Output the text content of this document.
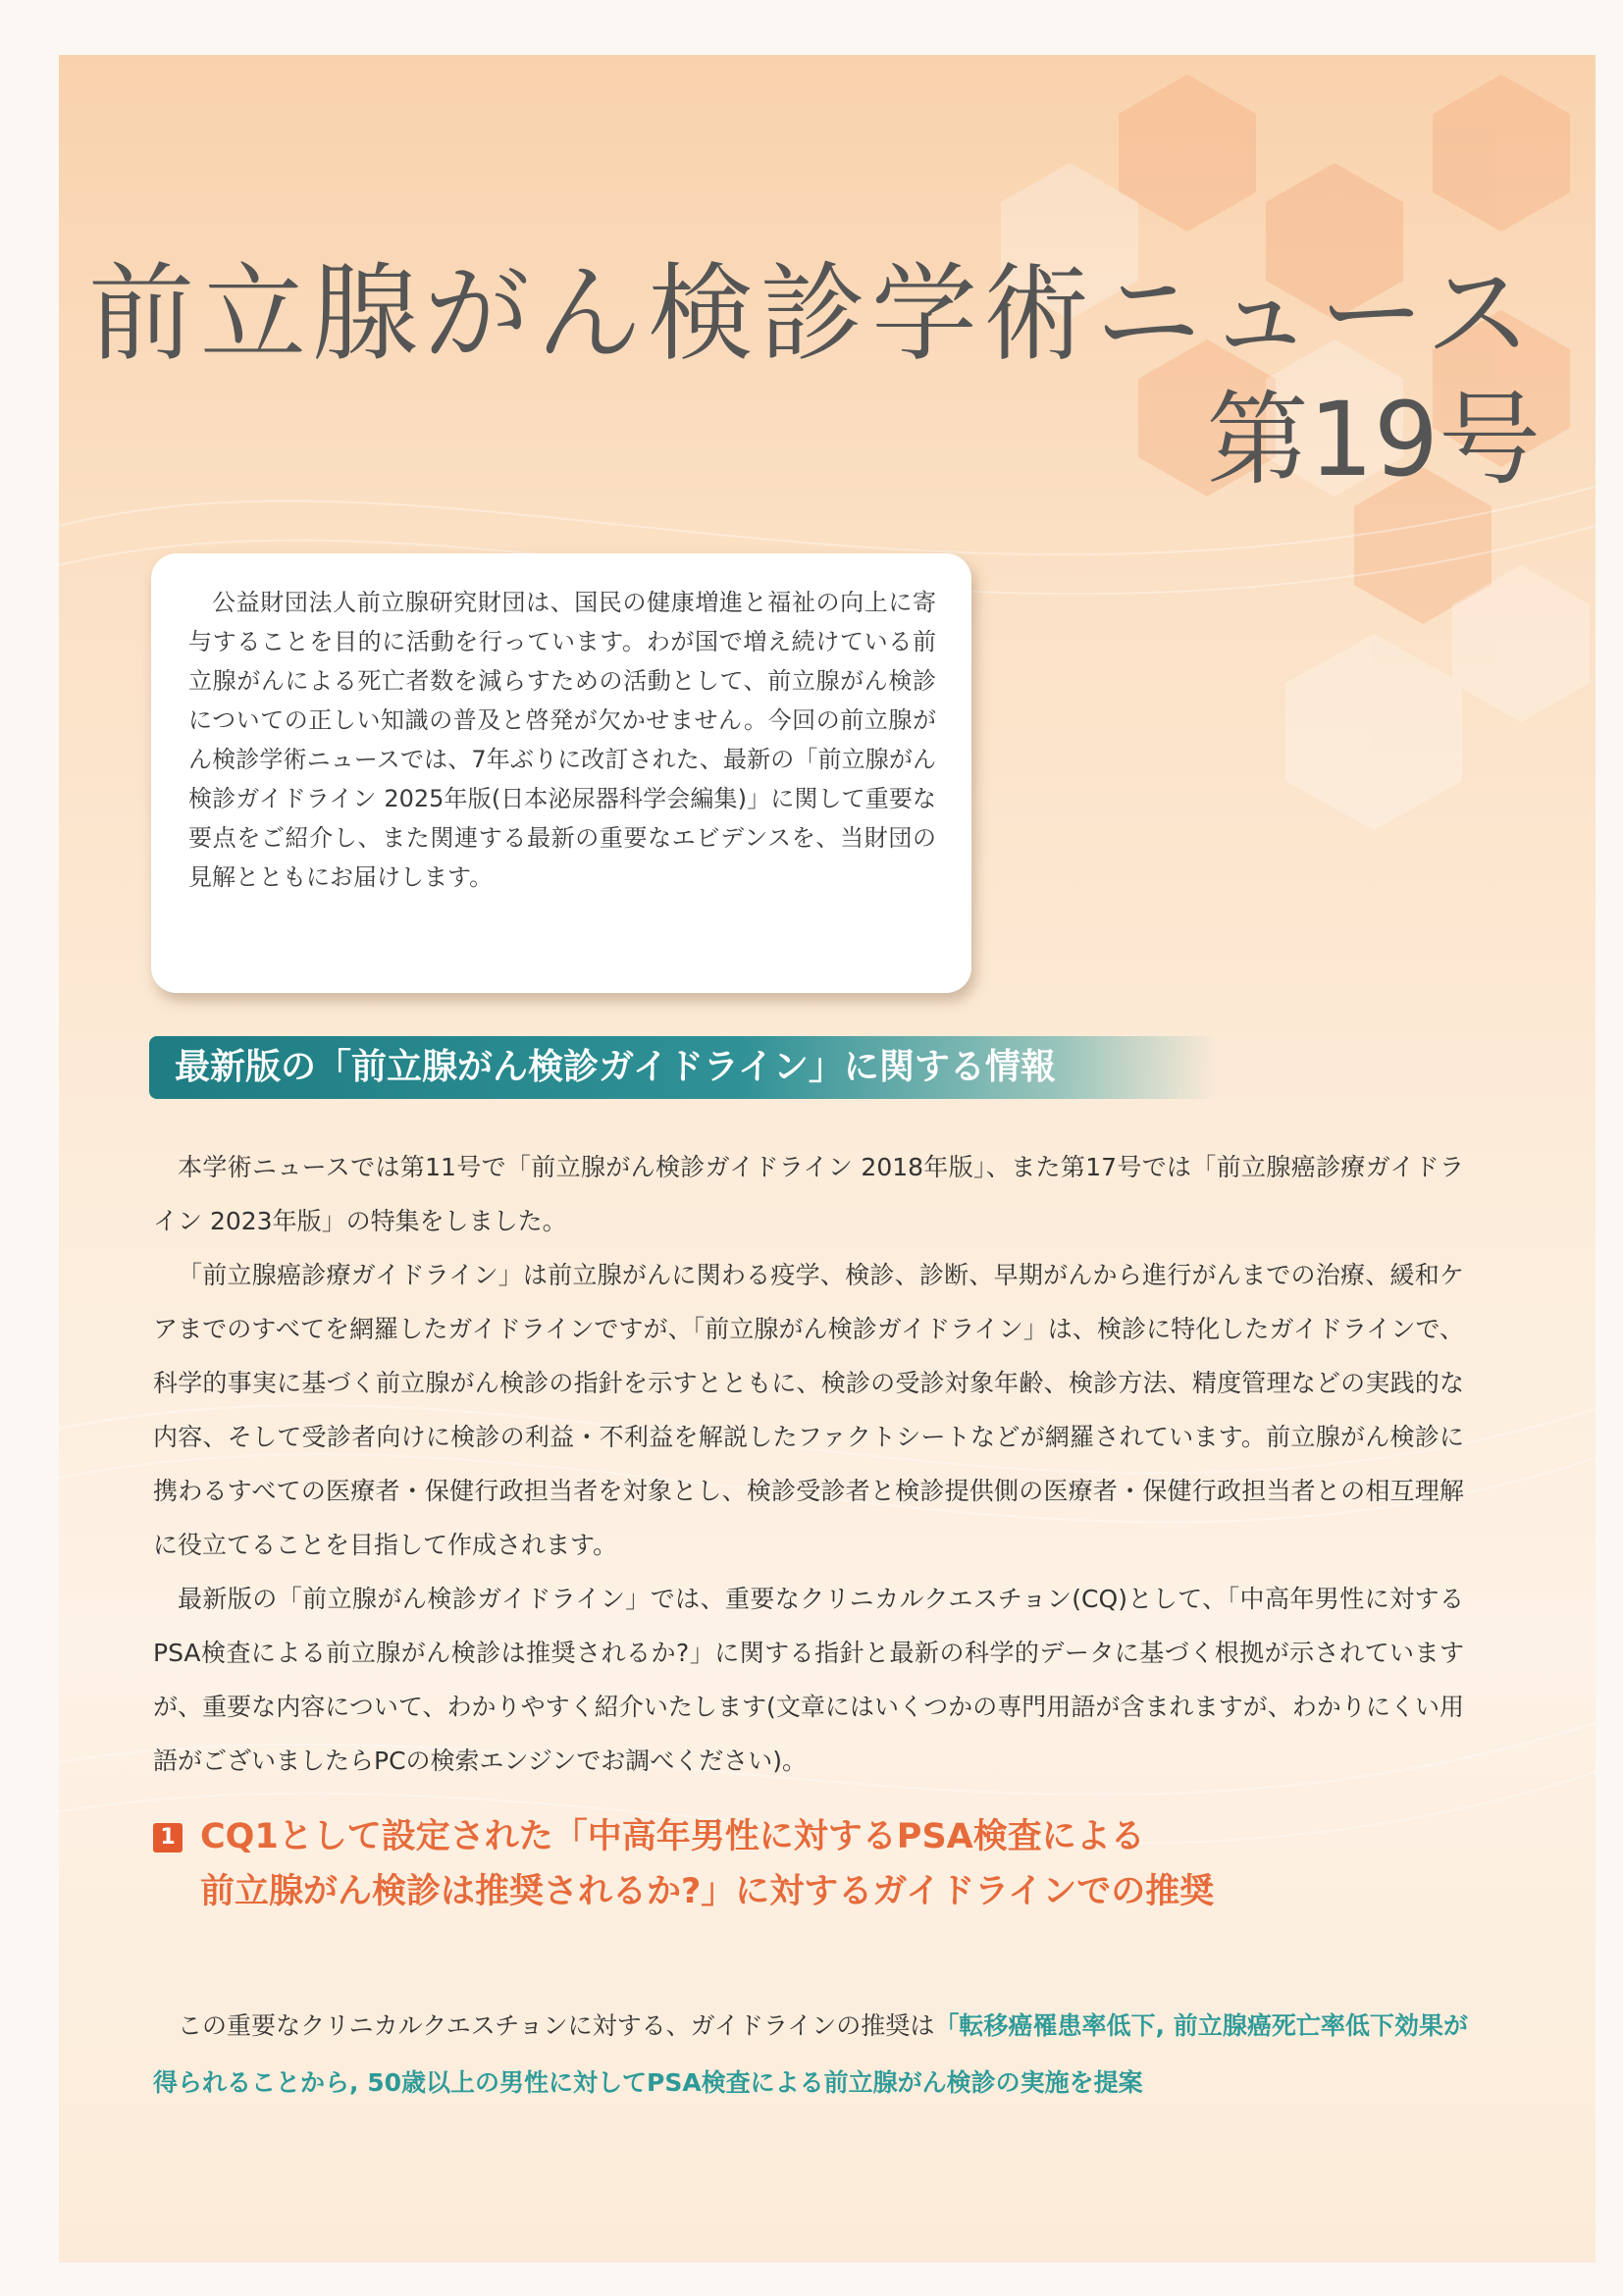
前立腺がん検診学術ニュース
第19号
公益財団法人前立腺研究財団は、国民の健康増進と福祉の向上に寄与することを目的に活動を行っています。わが国で増え続けている前立腺がんによる死亡者数を減らすための活動として、前立腺がん検診についての正しい知識の普及と啓発が欠かせません。今回の前立腺がん検診学術ニュースでは、7年ぶりに改訂された、最新の「前立腺がん検診ガイドライン 2025年版(日本泌尿器科学会編集)」に関して重要な要点をご紹介し、また関連する最新の重要なエビデンスを、当財団の見解とともにお届けします。
最新版の「前立腺がん検診ガイドライン」に関する情報

本学術ニュースでは第11号で「前立腺がん検診ガイドライン 2018年版」、また第17号では「前立腺癌診療ガイドライン 2023年版」の特集をしました。

「前立腺癌診療ガイドライン」は前立腺がんに関わる疫学、検診、診断、早期がんから進行がんまでの治療、緩和ケアまでのすべてを網羅したガイドラインですが、「前立腺がん検診ガイドライン」は、検診に特化したガイドラインで、科学的事実に基づく前立腺がん検診の指針を示すとともに、検診の受診対象年齢、検診方法、精度管理などの実践的な内容、そして受診者向けに検診の利益・不利益を解説したファクトシートなどが網羅されています。前立腺がん検診に携わるすべての医療者・保健行政担当者を対象とし、検診受診者と検診提供側の医療者・保健行政担当者との相互理解に役立てることを目指して作成されます。

最新版の「前立腺がん検診ガイドライン」では、重要なクリニカルクエスチョン(CQ)として、「中高年男性に対するPSA検査による前立腺がん検診は推奨されるか?」に関する指針と最新の科学的データに基づく根拠が示されていますが、重要な内容について、わかりやすく紹介いたします(文章にはいくつかの専門用語が含まれますが、わかりにくい用語がございましたらPCの検索エンジンでお調べください)。

1 CQ1として設定された「中高年男性に対するPSA検査による
前立腺がん検診は推奨されるか?」に対するガイドラインでの推奨
この重要なクリニカルクエスチョンに対する、ガイドラインの推奨は「転移癌罹患率低下, 前立腺癌死亡率低下効果が得られることから, 50歳以上の男性に対してPSA検査による前立腺がん検診の実施を提案
